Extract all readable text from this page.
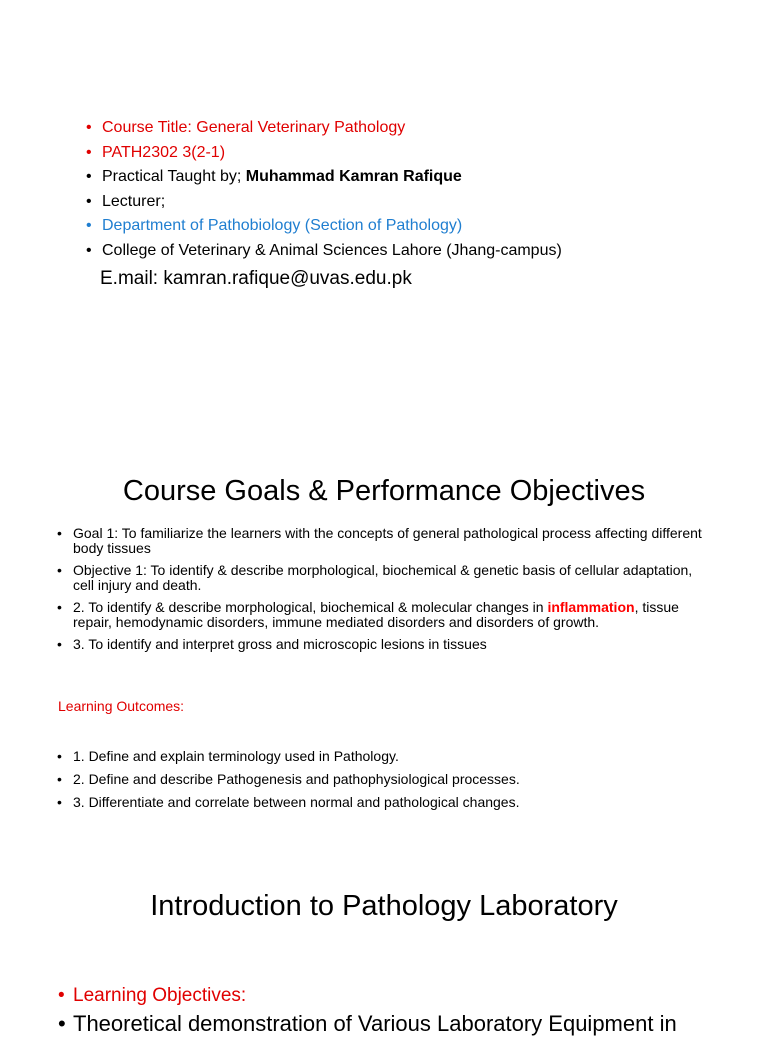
• Course Title: General Veterinary Pathology
• PATH2302 3(2-1)
• Practical Taught by; Muhammad Kamran Rafique
• Lecturer;
• Department of Pathobiology (Section of Pathology)
• College of Veterinary & Animal Sciences Lahore (Jhang-campus)
E.mail: kamran.rafique@uvas.edu.pk
Course Goals & Performance Objectives
• Goal 1: To familiarize the learners with the concepts of general pathological process affecting different body tissues
• Objective 1: To identify & describe morphological, biochemical & genetic basis of cellular adaptation, cell injury and death.
• 2. To identify & describe morphological, biochemical & molecular changes in inflammation, tissue repair, hemodynamic disorders, immune mediated disorders and disorders of growth.
• 3. To identify and interpret gross and microscopic lesions in tissues
Learning Outcomes:
• 1. Define and explain terminology used in Pathology.
• 2. Define and describe Pathogenesis and pathophysiological processes.
• 3. Differentiate and correlate between normal and pathological changes.
Introduction to Pathology Laboratory
• Learning Objectives:
• Theoretical demonstration of Various Laboratory Equipment in
